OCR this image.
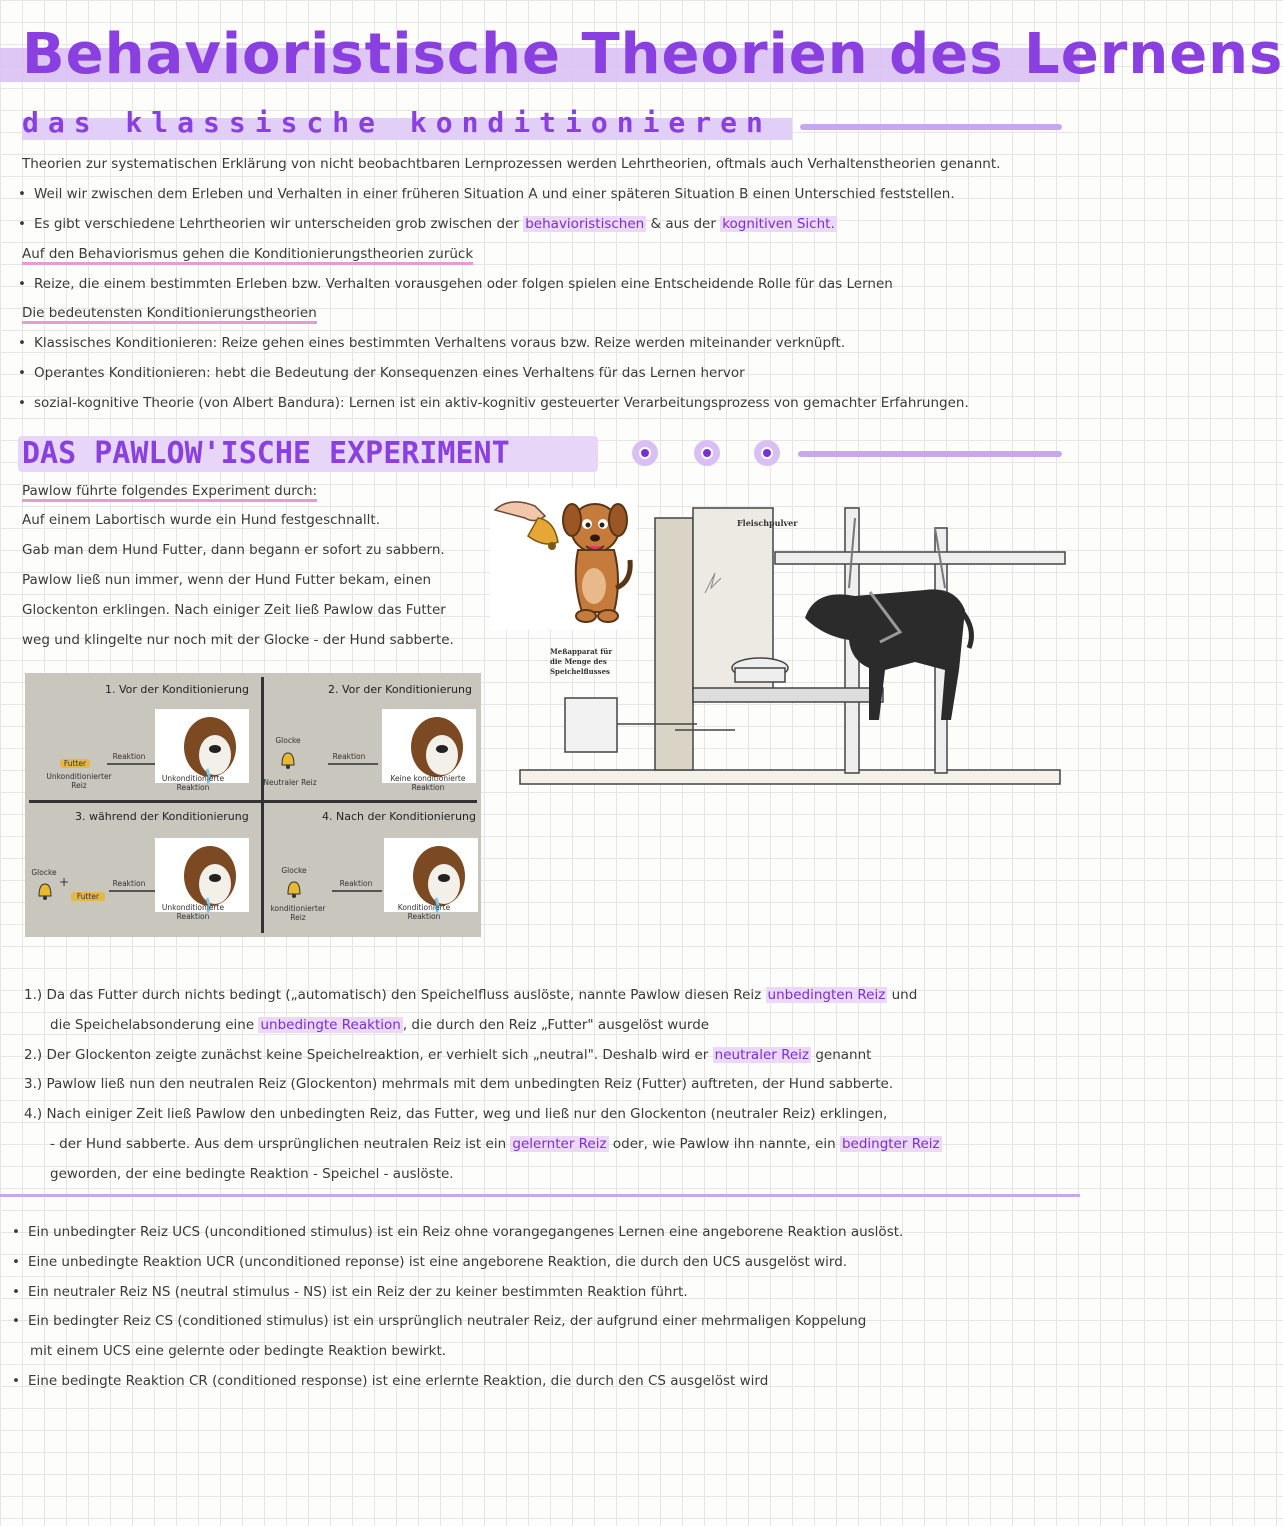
Behavioristische Theorien des Lernens
das klassische konditionieren
Theorien zur systematischen Erklärung von nicht beobachtbaren Lernprozessen werden Lehrtheorien, oftmals auch Verhaltenstheorien genannt.
• Weil wir zwischen dem Erleben und Verhalten in einer früheren Situation A und einer späteren Situation B einen Unterschied feststellen.
• Es gibt verschiedene Lehrtheorien wir unterscheiden grob zwischen der behavioristischen & aus der kognitiven Sicht.
Auf den Behaviorismus gehen die Konditionierungstheorien zurück
• Reize, die einem bestimmten Erleben bzw. Verhalten vorausgehen oder folgen spielen eine Entscheidende Rolle für das Lernen
Die bedeutensten Konditionierungstheorien
• Klassisches Konditionieren: Reize gehen eines bestimmten Verhaltens voraus bzw. Reize werden miteinander verknüpft.
• Operantes Konditionieren: hebt die Bedeutung der Konsequenzen eines Verhaltens für das Lernen hervor
• sozial-kognitive Theorie (von Albert Bandura): Lernen ist ein aktiv-kognitiv gesteuerter Verarbeitungsprozess von gemachter Erfahrungen.
DAS PAWLOW'ISCHE EXPERIMENT
Pawlow führte folgendes Experiment durch:
Auf einem Labortisch wurde ein Hund festgeschnallt.
Gab man dem Hund Futter, dann begann er sofort zu sabbern.
Pawlow ließ nun immer, wenn der Hund Futter bekam, einen
Glockenton erklingen. Nach einiger Zeit ließ Pawlow das Futter
weg und klingelte nur noch mit der Glocke - der Hund sabberte.
Fleischpulver
Meßapparat für
die Menge des
Speichelflusses
1. Vor der Konditionierung
Futter
Unkonditionierter Reiz
Reaktion
Unkonditionierte Reaktion
2. Vor der Konditionierung
Glocke
Neutraler Reiz
Reaktion
Keine konditionierte Reaktion
3. während der Konditionierung
Glocke
+
Futter
Reaktion
Unkonditionierte Reaktion
4. Nach der Konditionierung
Glocke
konditionierter Reiz
Reaktion
Konditionierte Reaktion
1.) Da das Futter durch nichts bedingt („automatisch) den Speichelfluss auslöste, nannte Pawlow diesen Reiz unbedingten Reiz und
die Speichelabsonderung eine unbedingte Reaktion , die durch den Reiz „Futter" ausgelöst wurde
2.) Der Glockenton zeigte zunächst keine Speichelreaktion, er verhielt sich „neutral". Deshalb wird er neutraler Reiz genannt
3.) Pawlow ließ nun den neutralen Reiz (Glockenton) mehrmals mit dem unbedingten Reiz (Futter) auftreten, der Hund sabberte.
4.) Nach einiger Zeit ließ Pawlow den unbedingten Reiz, das Futter, weg und ließ nur den Glockenton (neutraler Reiz) erklingen,
- der Hund sabberte. Aus dem ursprünglichen neutralen Reiz ist ein gelernter Reiz oder, wie Pawlow ihn nannte, ein bedingter Reiz
geworden, der eine bedingte Reaktion - Speichel - auslöste.
• Ein unbedingter Reiz UCS (unconditioned stimulus) ist ein Reiz ohne vorangegangenes Lernen eine angeborene Reaktion auslöst.
• Eine unbedingte Reaktion UCR (unconditioned reponse) ist eine angeborene Reaktion, die durch den UCS ausgelöst wird.
• Ein neutraler Reiz NS (neutral stimulus - NS) ist ein Reiz der zu keiner bestimmten Reaktion führt.
• Ein bedingter Reiz CS (conditioned stimulus) ist ein ursprünglich neutraler Reiz, der aufgrund einer mehrmaligen Koppelung
mit einem UCS eine gelernte oder bedingte Reaktion bewirkt.
• Eine bedingte Reaktion CR (conditioned response) ist eine erlernte Reaktion, die durch den CS ausgelöst wird
